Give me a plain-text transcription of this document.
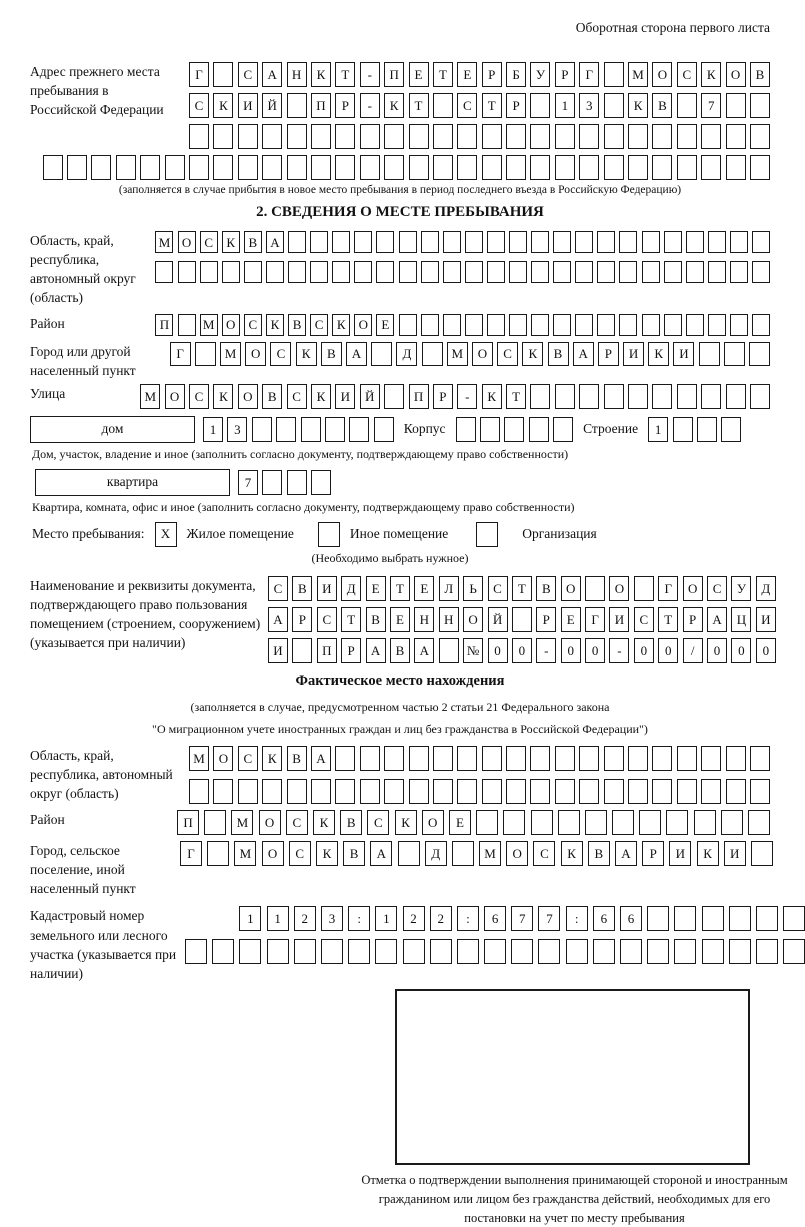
Оборотная сторона первого листа
Адрес прежнего места пребывания в Российской Федерации
Г	С	А	Н	К	Т	-	П	Е	Т	Е	Р	Б	У	Р	Г	М	О	С	К	О	В
С	К	И	Й	П	Р	-	К	Т	С	Т	Р	1	3	К	В	7
(заполняется в случае прибытия в новое место пребывания в период последнего въезда в Российскую Федерацию)
2. СВЕДЕНИЯ О МЕСТЕ ПРЕБЫВАНИЯ
Область, край, республика, автономный округ (область)
М О	С	К	В	А
Район	П	М О	С	К	В	С	К	О	Е
Город или другой населенный пункт
Г	М	О	С	К	В	А	Д	М	О	С	К	В	А	Р	И	К	И
Улица	М	О	С	К	О	В	С	К	И	Й	П	Р	-	К	Т
дом	1	3	Корпус	Строение	1
Дом, участок, владение и иное (заполнить согласно документу, подтверждающему право собственности)
квартира	7
Квартира, комната, офис и иное (заполнить согласно документу, подтверждающему право собственности)
Место пребывания:	X	Жилое помещение	Иное помещение	Организация
(Необходимо выбрать нужное)
Наименование и реквизиты документа, подтверждающего право пользования помещением (строением, сооружением) (указывается при наличии)
С	В	И	Д	Е	Т	Е	Л	Ь	С	Т	В	О	О	Г	О	С	У	Д
А	Р	С	Т	В	Е	Н	Н	О	Й	Р	Е	Г	И	С	Т	Р	А	Ц	И
И	П	Р	А	В	А	№	0	0	-	0	0	-	0	0	/	0	0	0
Фактическое место нахождения
(заполняется в случае, предусмотренном частью 2 статьи 21 Федерального закона
"О миграционном учете иностранных граждан и лиц без гражданства в Российской Федерации")
Область, край, республика, автономный округ (область)
М	О	С	К	В	А
Район	П	М	О	С	К	В	С	К	О	Е
Город, сельское поселение, иной населенный пункт
Г	М	О	С	К	В	А	Д	М	О	С	К	В	А	Р	И	К	И
Кадастровый номер земельного или лесного участка (указывается при наличии)
1	1	2	3	:	1	2	2	:	6	7	7	:	6	6
Отметка о подтверждении выполнения принимающей стороной и иностранным гражданином или лицом без гражданства действий, необходимых для его постановки на учет по месту пребывания
